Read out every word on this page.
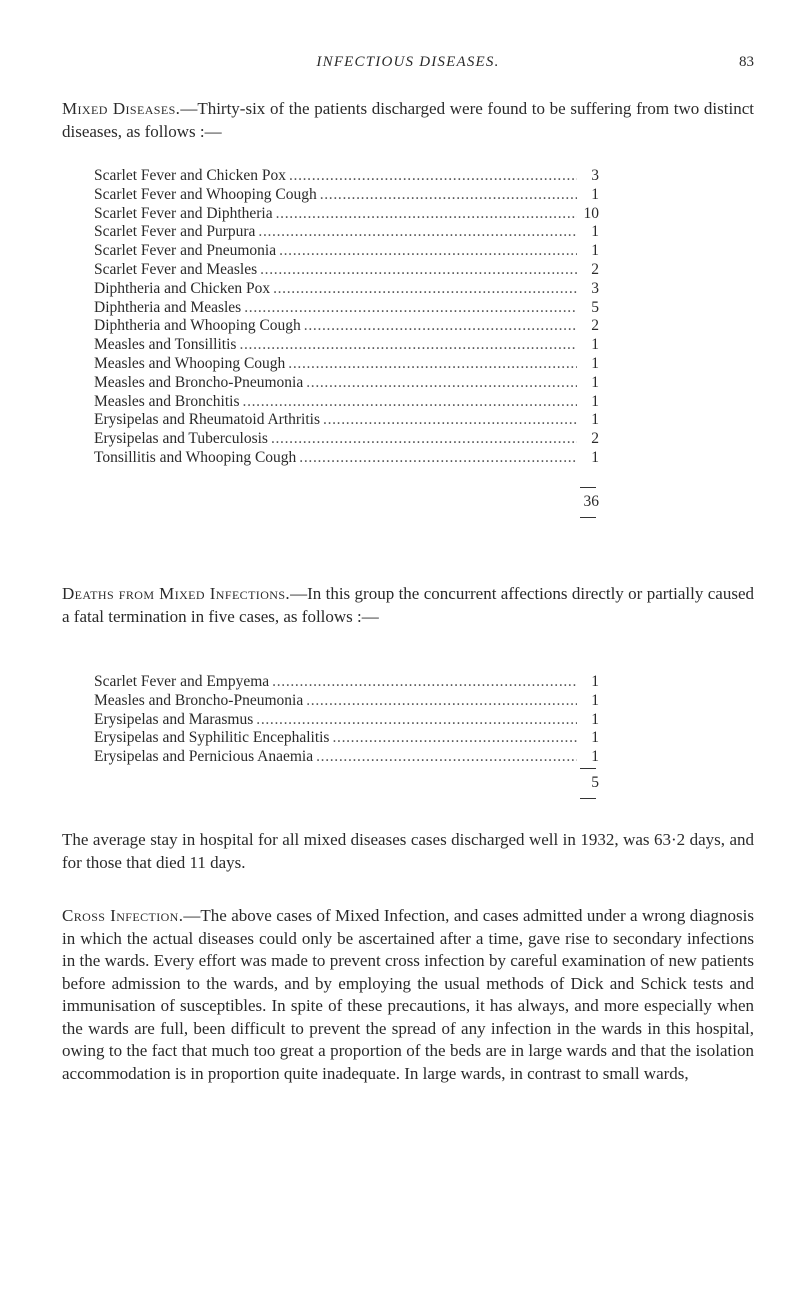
INFECTIOUS DISEASES.	83

Mixed Diseases.—Thirty-six of the patients discharged were found to be suffering from two distinct diseases, as follows :—

Scarlet Fever and Chicken Pox . . .	3
Scarlet Fever and Whooping Cough . . .	1
Scarlet Fever and Diphtheria . . .	10
Scarlet Fever and Purpura . . .	1
Scarlet Fever and Pneumonia . . .	1
Scarlet Fever and Measles . . .	2
Diphtheria and Chicken Pox . . .	3
Diphtheria and Measles . . .	5
Diphtheria and Whooping Cough . . .	2
Measles and Tonsillitis . . .	1
Measles and Whooping Cough . . .	1
Measles and Broncho-Pneumonia . . .	1
Measles and Bronchitis . . .	1
Erysipelas and Rheumatoid Arthritis . . .	1
Erysipelas and Tuberculosis . . .	2
Tonsillitis and Whooping Cough . . .	1
36

Deaths from Mixed Infections.—In this group the concurrent affections directly or partially caused a fatal termination in five cases, as follows :—

Scarlet Fever and Empyema . . .	1
Measles and Broncho-Pneumonia . . .	1
Erysipelas and Marasmus . . .	1
Erysipelas and Syphilitic Encephalitis . . .	1
Erysipelas and Pernicious Anaemia . . .	1
5

The average stay in hospital for all mixed diseases cases discharged well in 1932, was 63·2 days, and for those that died 11 days.

Cross Infection.—The above cases of Mixed Infection, and cases admitted under a wrong diagnosis in which the actual diseases could only be ascertained after a time, gave rise to secondary infections in the wards. Every effort was made to prevent cross infection by careful examination of new patients before admission to the wards, and by employing the usual methods of Dick and Schick tests and immunisation of susceptibles. In spite of these precautions, it has always, and more especially when the wards are full, been difficult to prevent the spread of any infection in the wards in this hospital, owing to the fact that much too great a proportion of the beds are in large wards and that the isolation accommodation is in proportion quite inadequate. In large wards, in contrast to small wards,
